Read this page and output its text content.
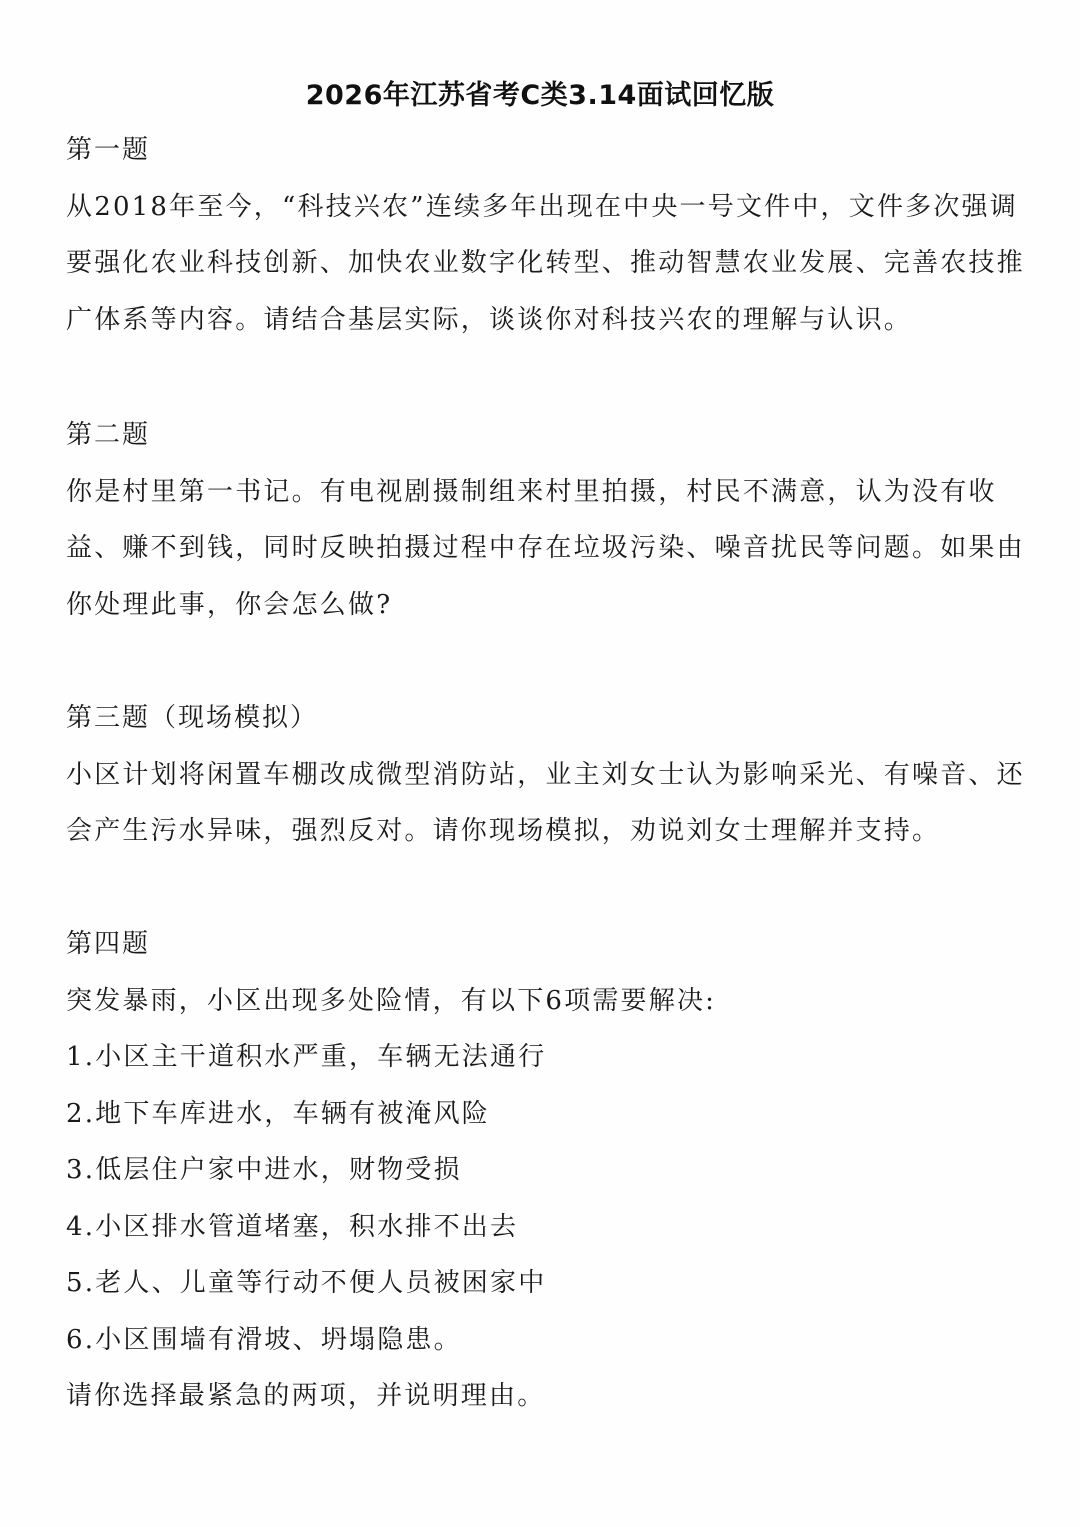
2026年江苏省考C类3.14面试回忆版
第一题
从2018年至今，“科技兴农”连续多年出现在中央一号文件中，文件多次强调要强化农业科技创新、加快农业数字化转型、推动智慧农业发展、完善农技推广体系等内容。请结合基层实际，谈谈你对科技兴农的理解与认识。
第二题
你是村里第一书记。有电视剧摄制组来村里拍摄，村民不满意，认为没有收益、赚不到钱，同时反映拍摄过程中存在垃圾污染、噪音扰民等问题。如果由你处理此事，你会怎么做?
第三题（现场模拟）
小区计划将闲置车棚改成微型消防站，业主刘女士认为影响采光、有噪音、还会产生污水异味，强烈反对。请你现场模拟，劝说刘女士理解并支持。
第四题
突发暴雨，小区出现多处险情，有以下6项需要解决:
1.小区主干道积水严重，车辆无法通行
2.地下车库进水，车辆有被淹风险
3.低层住户家中进水，财物受损
4.小区排水管道堵塞，积水排不出去
5.老人、儿童等行动不便人员被困家中
6.小区围墙有滑坡、坍塌隐患。
请你选择最紧急的两项，并说明理由。
